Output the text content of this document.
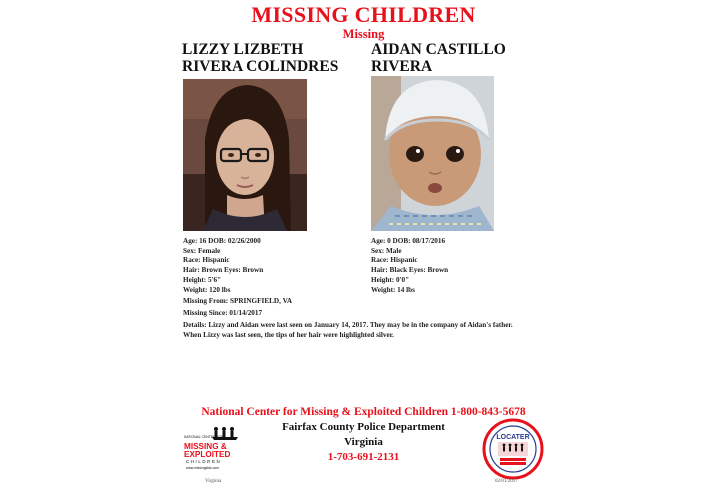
MISSING CHILDREN
Missing
LIZZY LIZBETH
RIVERA COLINDRES
Age: 16 DOB: 02/26/2000
Sex: Female
Race: Hispanic
Hair: Brown Eyes: Brown
Height: 5'6"
Weight: 120 lbs
AIDAN CASTILLO
RIVERA
Age: 0 DOB: 08/17/2016
Sex: Male
Race: Hispanic
Hair: Black Eyes: Brown
Height: 0'0"
Weight: 14 lbs
Missing From: SPRINGFIELD, VA
Missing Since: 01/14/2017
Details: Lizzy and Aidan were last seen on January 14, 2017. They may be in the company of Aidan's father.
When Lizzy was last seen, the tips of her hair were highlighted silver.
National Center for Missing & Exploited Children 1-800-843-5678
Fairfax County Police Department
Virginia
1-703-691-2131
NATIONAL CENTER FOR
MISSING &
EXPLOITED
CHILDREN
www.missingkids.com
LOCATER
Virginia	02/01/2017
